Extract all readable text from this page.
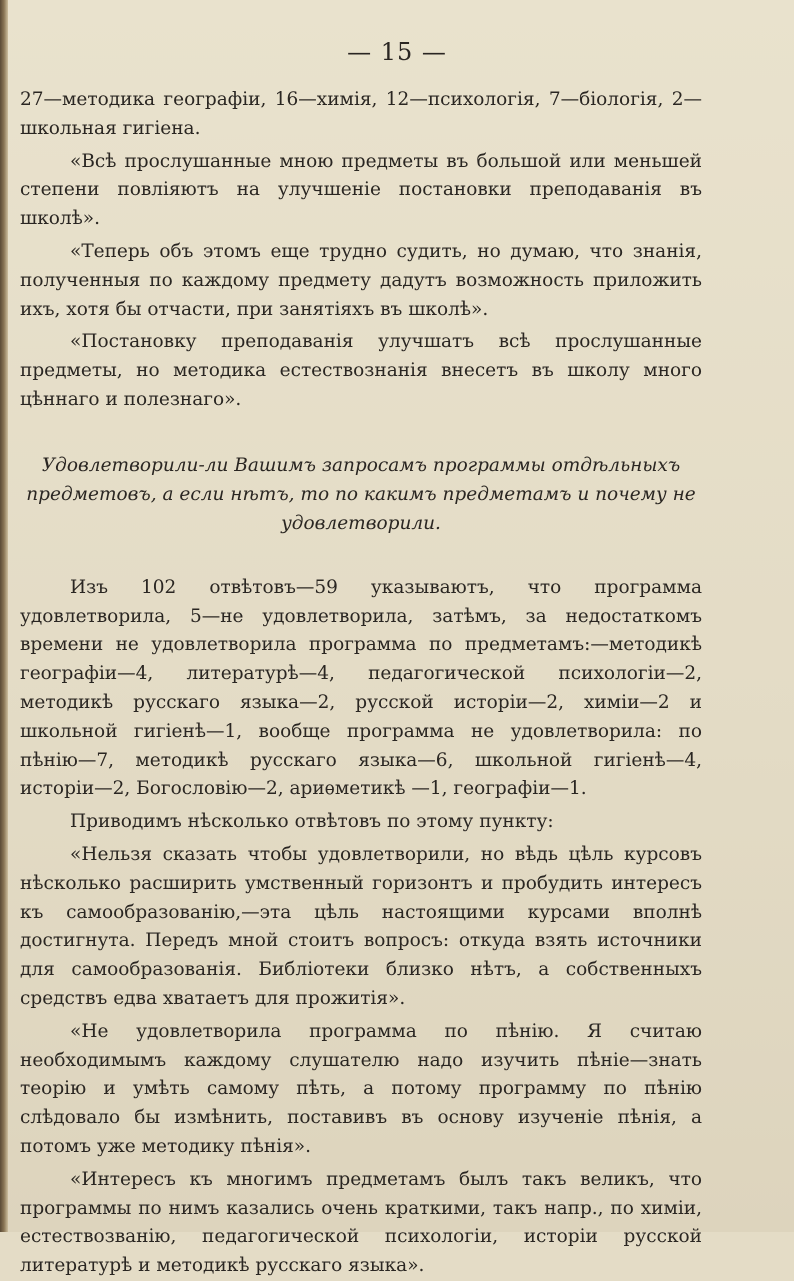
— 15 —

27—методика географіи, 16—химія, 12—психологія, 7—біологія, 2—школьная гигіена.

«Всѣ прослушанные мною предметы въ большой или меньшей степени повліяютъ на улучшеніе постановки преподаванія въ школѣ».

«Теперь объ этомъ еще трудно судить, но думаю, что знанія, полученныя по каждому предмету дадутъ возможность приложить ихъ, хотя бы отчасти, при занятіяхъ въ школѣ».

«Постановку преподаванія улучшатъ всѣ прослушанные предметы, но методика естествознанія внесетъ въ школу много цѣннаго и полезнаго».

Удовлетворили-ли Вашимъ запросамъ программы отдѣльныхъ предметовъ, а если нѣтъ, то по какимъ предметамъ и почему не удовлетворили.

Изъ 102 отвѣтовъ—59 указываютъ, что программа удовлетворила, 5—не удовлетворила, затѣмъ, за недостаткомъ времени не удовлетворила программа по предметамъ:—методикѣ географіи—4, литературѣ—4, педагогической психологіи—2, методикѣ русскаго языка—2, русской исторіи—2, химіи—2 и школьной гигіенѣ—1, вообще программа не удовлетворила: по пѣнію—7, методикѣ русскаго языка—6, школьной гигіенѣ—4, исторіи—2, Богословію—2, ариѳметикѣ —1, географіи—1.

Приводимъ нѣсколько отвѣтовъ по этому пункту:

«Нельзя сказать чтобы удовлетворили, но вѣдь цѣль курсовъ нѣсколько расширить умственный горизонтъ и пробудить интересъ къ самообразованію,—эта цѣль настоящими курсами вполнѣ достигнута. Передъ мной стоитъ вопросъ: откуда взять источники для самообразованія. Библіотеки близко нѣтъ, а собственныхъ средствъ едва хватаетъ для прожитія».

«Не удовлетворила программа по пѣнію. Я считаю необходимымъ каждому слушателю надо изучить пѣніе—знать теорію и умѣть самому пѣть, а потому программу по пѣнію слѣдовало бы измѣнить, поставивъ въ основу изученіе пѣнія, а потомъ уже методику пѣнія».

«Интересъ къ многимъ предметамъ былъ такъ великъ, что программы по нимъ казались очень краткими, такъ напр., по химіи, естествозванію, педагогической психологіи, исторіи русской литературѣ и методикѣ русскаго языка».
